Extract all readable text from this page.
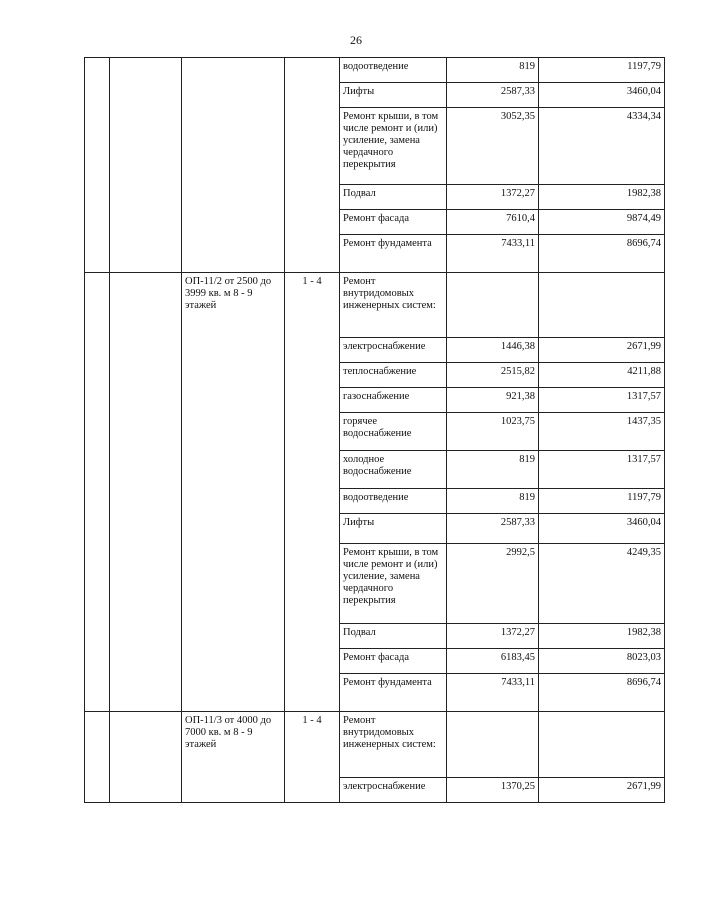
26
				водоотведение	819	1197,79
				Лифты	2587,33	3460,04
				Ремонт крыши, в том числе ремонт и (или) усиление, замена чердачного перекрытия	3052,35	4334,34
				Подвал	1372,27	1982,38
				Ремонт фасада	7610,4	9874,49
				Ремонт фундамента	7433,11	8696,74
		ОП-11/2 от 2500 до 3999 кв. м 8 - 9 этажей	1 - 4	Ремонт внутридомовых инженерных систем:		
				электроснабжение	1446,38	2671,99
				теплоснабжение	2515,82	4211,88
				газоснабжение	921,38	1317,57
				горячее водоснабжение	1023,75	1437,35
				холодное водоснабжение	819	1317,57
				водоотведение	819	1197,79
				Лифты	2587,33	3460,04
				Ремонт крыши, в том числе ремонт и (или) усиление, замена чердачного перекрытия	2992,5	4249,35
				Подвал	1372,27	1982,38
				Ремонт фасада	6183,45	8023,03
				Ремонт фундамента	7433,11	8696,74
		ОП-11/3 от 4000 до 7000 кв. м 8 - 9 этажей	1 - 4	Ремонт внутридомовых инженерных систем:		
				электроснабжение	1370,25	2671,99
